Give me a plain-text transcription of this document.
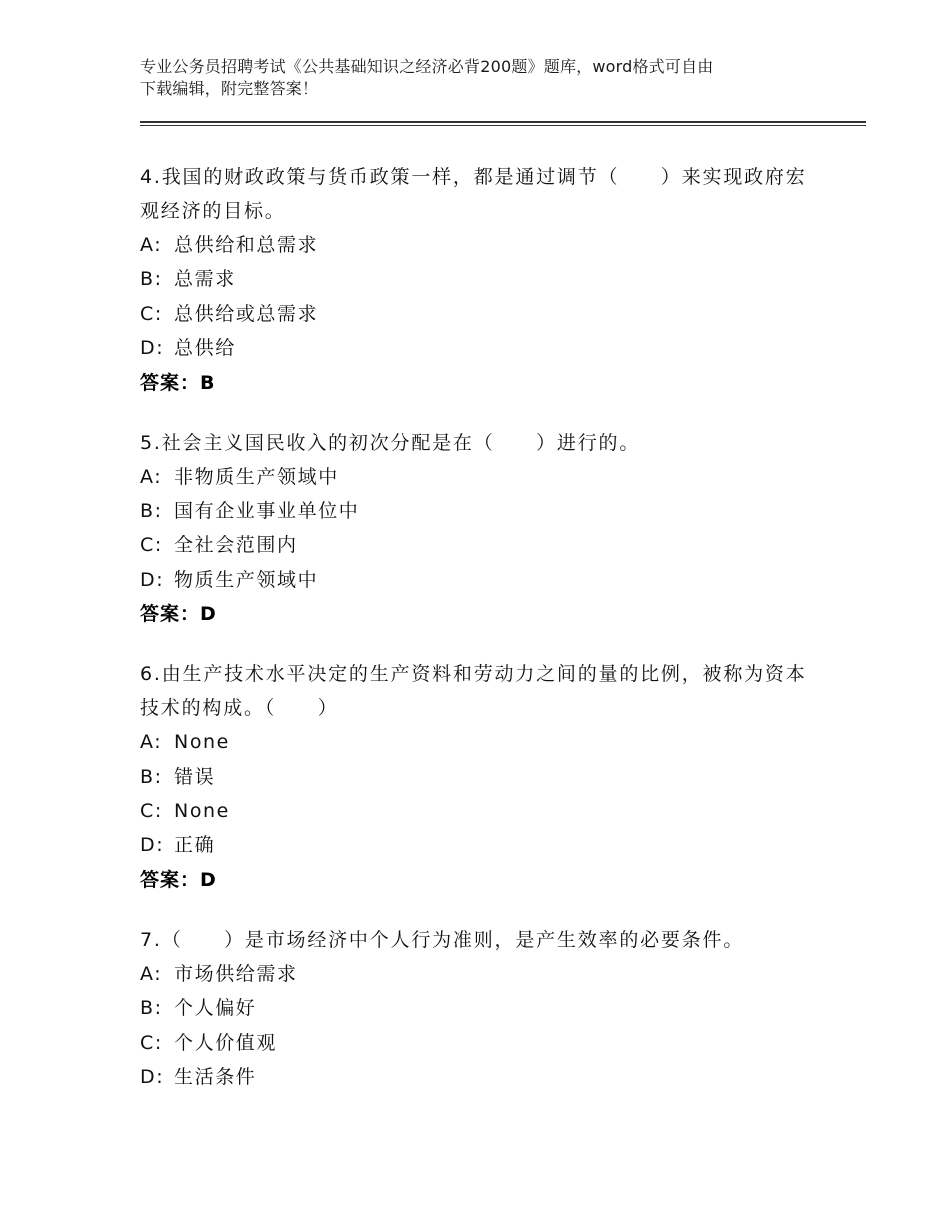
专业公务员招聘考试《公共基础知识之经济必背200题》题库，word格式可自由
下载编辑，附完整答案！
4.我国的财政政策与货币政策一样，都是通过调节（　　）来实现政府宏观经济的目标。
A: 总供给和总需求
B: 总需求
C: 总供给或总需求
D: 总供给
答案：B
5.社会主义国民收入的初次分配是在（　　）进行的。
A: 非物质生产领域中
B: 国有企业事业单位中
C: 全社会范围内
D: 物质生产领域中
答案：D
6.由生产技术水平决定的生产资料和劳动力之间的量的比例，被称为资本技术的构成。（　　）
A: None
B: 错误
C: None
D: 正确
答案：D
7.（　　）是市场经济中个人行为准则，是产生效率的必要条件。
A: 市场供给需求
B: 个人偏好
C: 个人价值观
D: 生活条件
